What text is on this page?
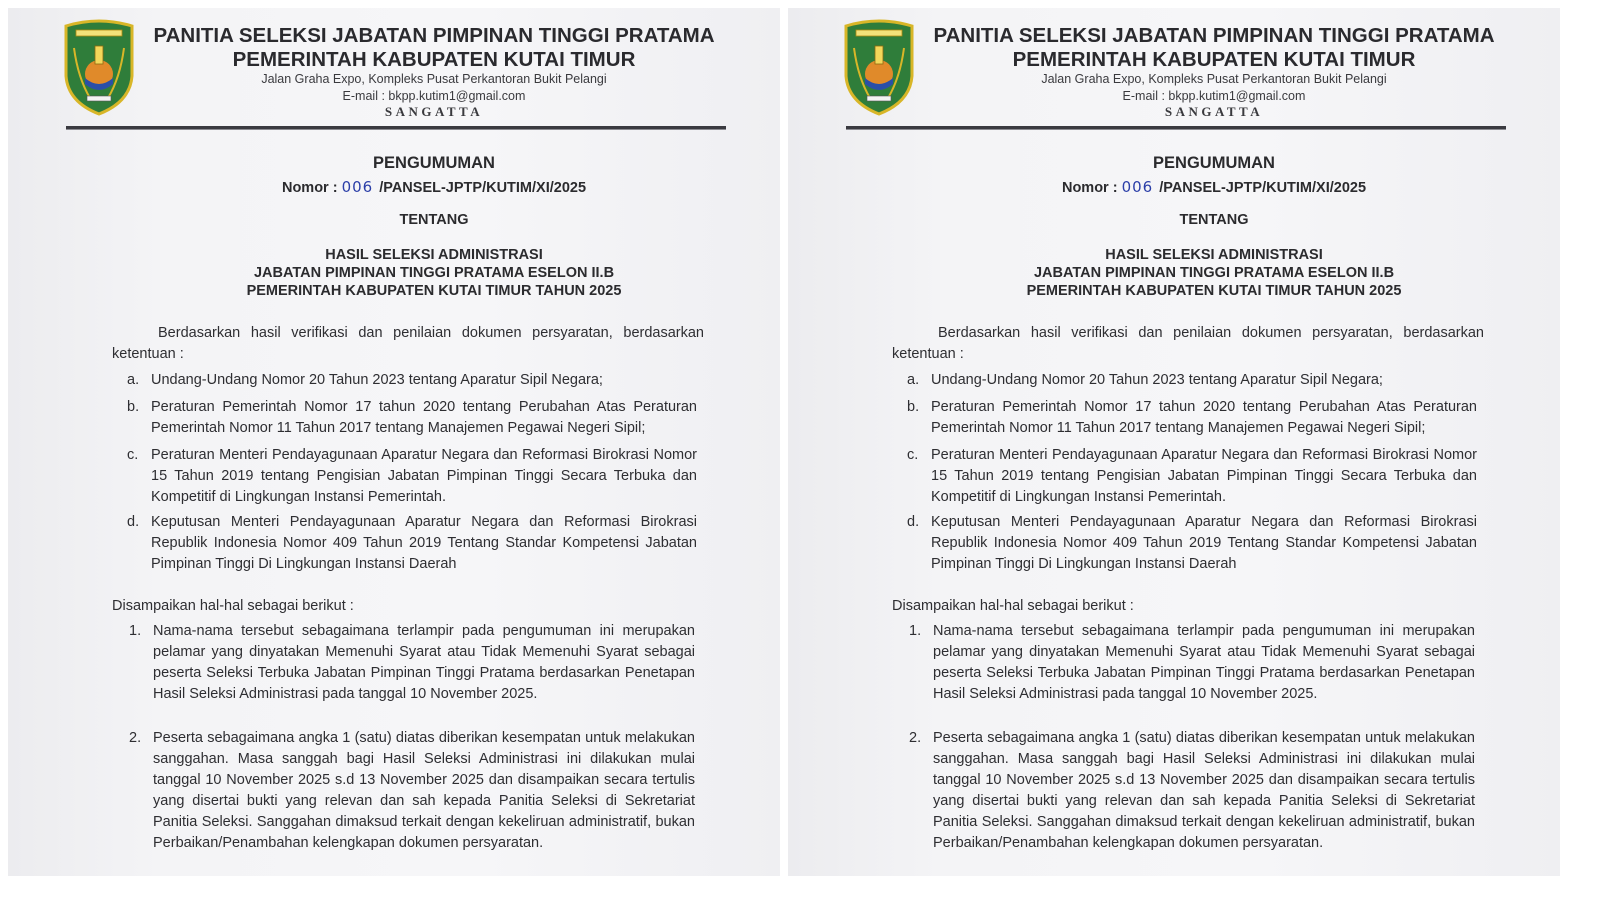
PANITIA SELEKSI JABATAN PIMPINAN TINGGI PRATAMA
PEMERINTAH KABUPATEN KUTAI TIMUR
Jalan Graha Expo, Kompleks Pusat Perkantoran Bukit Pelangi
E-mail : bkpp.kutim1@gmail.com
SANGATTA
PENGUMUMAN
Nomor : 006 /PANSEL-JPTP/KUTIM/XI/2025
TENTANG
HASIL SELEKSI ADMINISTRASI
JABATAN PIMPINAN TINGGI PRATAMA ESELON II.B
PEMERINTAH KABUPATEN KUTAI TIMUR TAHUN 2025
Berdasarkan hasil verifikasi dan penilaian dokumen persyaratan, berdasarkan ketentuan :
a. Undang-Undang Nomor 20 Tahun 2023 tentang Aparatur Sipil Negara;
b. Peraturan Pemerintah Nomor 17 tahun 2020 tentang Perubahan Atas Peraturan Pemerintah Nomor 11 Tahun 2017 tentang Manajemen Pegawai Negeri Sipil;
c. Peraturan Menteri Pendayagunaan Aparatur Negara dan Reformasi Birokrasi Nomor 15 Tahun 2019 tentang Pengisian Jabatan Pimpinan Tinggi Secara Terbuka dan Kompetitif di Lingkungan Instansi Pemerintah.
d. Keputusan Menteri Pendayagunaan Aparatur Negara dan Reformasi Birokrasi Republik Indonesia Nomor 409 Tahun 2019 Tentang Standar Kompetensi Jabatan Pimpinan Tinggi Di Lingkungan Instansi Daerah
Disampaikan hal-hal sebagai berikut :
1. Nama-nama tersebut sebagaimana terlampir pada pengumuman ini merupakan pelamar yang dinyatakan Memenuhi Syarat atau Tidak Memenuhi Syarat sebagai peserta Seleksi Terbuka Jabatan Pimpinan Tinggi Pratama berdasarkan Penetapan Hasil Seleksi Administrasi pada tanggal 10 November 2025.
2. Peserta sebagaimana angka 1 (satu) diatas diberikan kesempatan untuk melakukan sanggahan. Masa sanggah bagi Hasil Seleksi Administrasi ini dilakukan mulai tanggal 10 November 2025 s.d 13 November 2025 dan disampaikan secara tertulis yang disertai bukti yang relevan dan sah kepada Panitia Seleksi di Sekretariat Panitia Seleksi. Sanggahan dimaksud terkait dengan kekeliruan administratif, bukan Perbaikan/Penambahan kelengkapan dokumen persyaratan.
PANITIA SELEKSI JABATAN PIMPINAN TINGGI PRATAMA
PEMERINTAH KABUPATEN KUTAI TIMUR
Jalan Graha Expo, Kompleks Pusat Perkantoran Bukit Pelangi
E-mail : bkpp.kutim1@gmail.com
SANGATTA
PENGUMUMAN
Nomor : 006 /PANSEL-JPTP/KUTIM/XI/2025
TENTANG
HASIL SELEKSI ADMINISTRASI
JABATAN PIMPINAN TINGGI PRATAMA ESELON II.B
PEMERINTAH KABUPATEN KUTAI TIMUR TAHUN 2025
Berdasarkan hasil verifikasi dan penilaian dokumen persyaratan, berdasarkan ketentuan :
a. Undang-Undang Nomor 20 Tahun 2023 tentang Aparatur Sipil Negara;
b. Peraturan Pemerintah Nomor 17 tahun 2020 tentang Perubahan Atas Peraturan Pemerintah Nomor 11 Tahun 2017 tentang Manajemen Pegawai Negeri Sipil;
c. Peraturan Menteri Pendayagunaan Aparatur Negara dan Reformasi Birokrasi Nomor 15 Tahun 2019 tentang Pengisian Jabatan Pimpinan Tinggi Secara Terbuka dan Kompetitif di Lingkungan Instansi Pemerintah.
d. Keputusan Menteri Pendayagunaan Aparatur Negara dan Reformasi Birokrasi Republik Indonesia Nomor 409 Tahun 2019 Tentang Standar Kompetensi Jabatan Pimpinan Tinggi Di Lingkungan Instansi Daerah
Disampaikan hal-hal sebagai berikut :
1. Nama-nama tersebut sebagaimana terlampir pada pengumuman ini merupakan pelamar yang dinyatakan Memenuhi Syarat atau Tidak Memenuhi Syarat sebagai peserta Seleksi Terbuka Jabatan Pimpinan Tinggi Pratama berdasarkan Penetapan Hasil Seleksi Administrasi pada tanggal 10 November 2025.
2. Peserta sebagaimana angka 1 (satu) diatas diberikan kesempatan untuk melakukan sanggahan. Masa sanggah bagi Hasil Seleksi Administrasi ini dilakukan mulai tanggal 10 November 2025 s.d 13 November 2025 dan disampaikan secara tertulis yang disertai bukti yang relevan dan sah kepada Panitia Seleksi di Sekretariat Panitia Seleksi. Sanggahan dimaksud terkait dengan kekeliruan administratif, bukan Perbaikan/Penambahan kelengkapan dokumen persyaratan.
